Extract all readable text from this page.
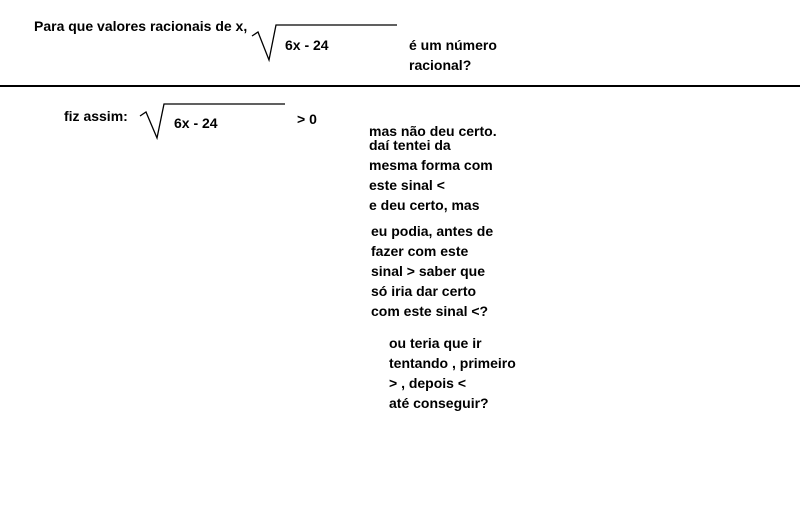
Para que valores racionais de x,
6x - 24	é um número
racional?
fiz assim:	6x - 24	> 0
mas não deu certo.
daí tentei da
mesma forma com
este sinal <
e deu certo, mas
eu podia, antes de
fazer com este
sinal > saber que
só iria dar certo
com este sinal <?
ou teria que ir
tentando , primeiro
> , depois <
até conseguir?
